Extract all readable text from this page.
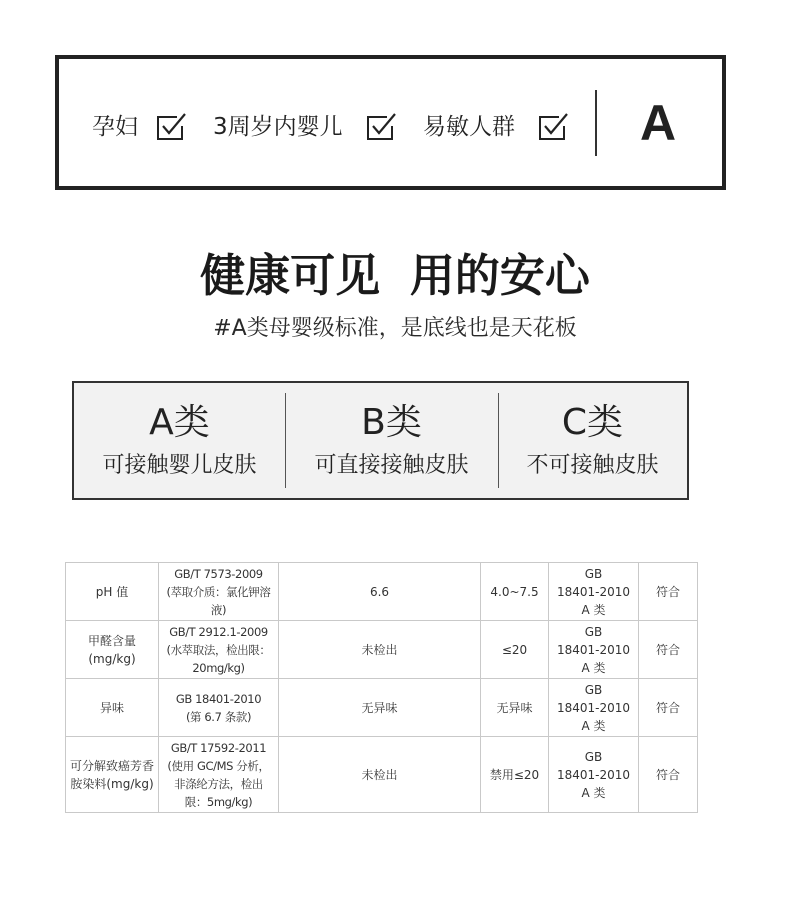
孕妇	3周岁内婴儿	易敏人群	A
健康可见 用的安心
#A类母婴级标准，是底线也是天花板
A类
可接触婴儿皮肤
B类
可直接接触皮肤
C类
不可接触皮肤
pH 值	GB/T 7573-2009
(萃取介质：氯化钾溶
液)	6.6	4.0~7.5	GB
18401-2010
A 类	符合

甲醛含量
(mg/kg)	GB/T 2912.1-2009
(水萃取法，检出限：
20mg/kg)	未检出	≤20	GB
18401-2010
A 类	符合

异味	GB 18401-2010
(第 6.7 条款)	无异味	无异味	GB
18401-2010
A 类	符合

可分解致癌芳香
胺染料(mg/kg)	GB/T 17592-2011
(使用 GC/MS 分析，
非涤纶方法，检出
限：5mg/kg)	未检出	禁用≤20	GB
18401-2010
A 类	符合
